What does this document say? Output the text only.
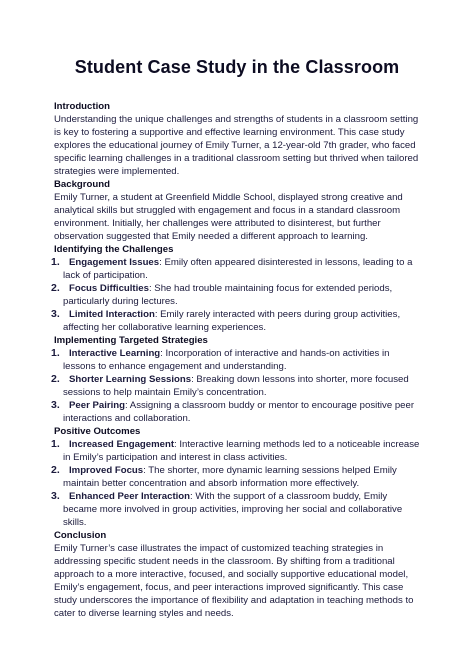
Student Case Study in the Classroom
Introduction

Understanding the unique challenges and strengths of students in a classroom setting is key to fostering a supportive and effective learning environment. This case study explores the educational journey of Emily Turner, a 12-year-old 7th grader, who faced specific learning challenges in a traditional classroom setting but thrived when tailored strategies were implemented.

Background

Emily Turner, a student at Greenfield Middle School, displayed strong creative and analytical skills but struggled with engagement and focus in a standard classroom environment. Initially, her challenges were attributed to disinterest, but further observation suggested that Emily needed a different approach to learning.

Identifying the Challenges
1. Engagement Issues: Emily often appeared disinterested in lessons, leading to a lack of participation.
2. Focus Difficulties: She had trouble maintaining focus for extended periods, particularly during lectures.
3. Limited Interaction: Emily rarely interacted with peers during group activities, affecting her collaborative learning experiences.
Implementing Targeted Strategies
1. Interactive Learning: Incorporation of interactive and hands-on activities in lessons to enhance engagement and understanding.
2. Shorter Learning Sessions: Breaking down lessons into shorter, more focused sessions to help maintain Emily’s concentration.
3. Peer Pairing: Assigning a classroom buddy or mentor to encourage positive peer interactions and collaboration.
Positive Outcomes
1. Increased Engagement: Interactive learning methods led to a noticeable increase in Emily’s participation and interest in class activities.
2. Improved Focus: The shorter, more dynamic learning sessions helped Emily maintain better concentration and absorb information more effectively.
3. Enhanced Peer Interaction: With the support of a classroom buddy, Emily became more involved in group activities, improving her social and collaborative skills.
Conclusion

Emily Turner’s case illustrates the impact of customized teaching strategies in addressing specific student needs in the classroom. By shifting from a traditional approach to a more interactive, focused, and socially supportive educational model, Emily’s engagement, focus, and peer interactions improved significantly. This case study underscores the importance of flexibility and adaptation in teaching methods to cater to diverse learning styles and needs.
